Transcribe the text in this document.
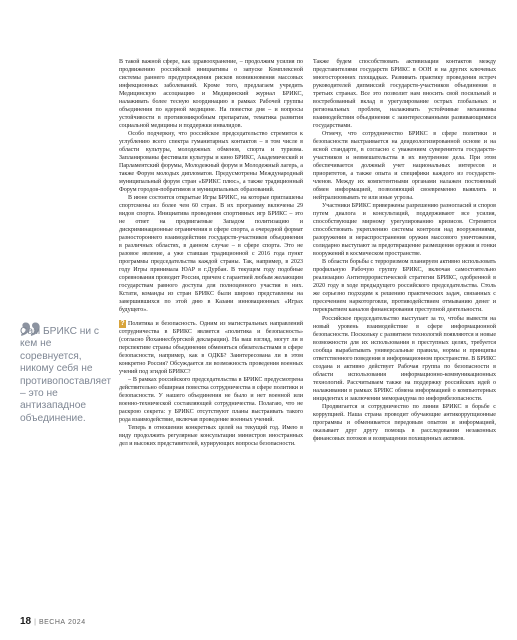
„
Сам БРИКС ни с кем не соревнуется, никому себя не противопоставляет – это не антизападное объединение.

В такой важной сфере, как здравоохранение, – продолжим усилия по продвижению российской инициативы о запуске Комплексной системы раннего предупреждения рисков возникновения массовых инфекционных заболеваний. Кроме того, предлагаем учредить Медицинскую ассоциацию и Медицинский журнал БРИКС, налаживать более тесную координацию в рамках Рабочей группы объединения по ядерной медицине. На повестке дня – и вопросы устойчивости в противомикробным препаратам, тематика развития социальной медицины и поддержки инвалидов.

Особо подчеркну, что российское председательство стремится к углублению всего спектра гуманитарных контактов – в том числе в области культуры, молодежных обменов, спорта и туризма. Запланированы фестивали культуры и кино БРИКС, Академический и Парламентский форумы, Молодежный форум и Молодежный лагерь, а также Форум молодых дипломатов. Предусмотрены Международный муниципальный форум стран «БРИКС плюс», а также традиционный Форум городов-побратимов и муниципальных образований.

В июне состоятся открытые Игры БРИКС, на которые приглашены спортсмены из более чем 60 стран. В их программу включены 29 видов спорта. Инициатива проведения спортивных игр БРИКС – это не ответ на продвигаемые Западом политизацию и дискриминационные ограничения в сфере спорта, а очередной формат разностороннего взаимодействия государств-участников объединения в различных областях, в данном случае – в сфере спорта. Это не разовое явление, а уже ставшая традиционной с 2016 года пункт программы председательства каждой страны. Так, например, в 2023 году Игры принимала ЮАР в г.Дурбан. В текущем году подобные соревнования проводит Россия, причем с гарантией любым желающим государствам равного доступа для полноценного участия в них. Кстати, команды из стран БРИКС были широко представлены на завершившихся по этой дню в Казани инновационных «Играх будущего».

? Политика и безопасность. Одним из магистральных направлений сотрудничества в БРИКС является «политика и безопасность» (согласно Йоханнесбургской декларации). На ваш взгляд, могут ли в перспективе страны объединения обменяться обязательствами в сфере безопасности, например, как в ОДКБ? Заинтересована ли в этом конкретно Россия? Обсуждается ли возможность проведения военных учений под эгидой БРИКС?

– В рамках российского председательства в БРИКС предусмотрена действительно обширная повестка сотрудничества в сфере политики и безопасности. У нашего объединения не было и нет военной или военно-технической составляющей сотрудничества. Полагаю, что не раскрою секрета: у БРИКС отсутствуют планы выстраивать такого рода взаимодействие, включая проведение военных учений.

Теперь в отношении конкретных целей на текущий год. Имею в виду продолжить регулярные консультации министров иностранных дел и высоких представителей, курирующих вопросы безопасности.

Также будем способствовать активизации контактов между представителями государств БРИКС в ООН и на других ключевых многосторонних площадках. Развивать практику проведения встреч руководителей дипмиссий государств-участников объединения в третьих странах. Все это позволит нам вносить свой посильный и востребованный вклад в урегулирование острых глобальных и региональных проблем, налаживать устойчивые механизмы взаимодействия объединения с заинтересованными развивающимися государствами.

Отмечу, что сотрудничество БРИКС в сфере политики и безопасности выстраивается на деидеологизированной основе и на ясной стандарте, в согласно с уважением суверенитета государств-участников и невмешательства в их внутренние дела. При этом обеспечивается должный учет национальных интересов и приоритетов, а также опыта и специфики каждого из государств-членов. Между их компетентными органами налажен постоянный обмен информацией, позволяющий своевременно выявлять и нейтрализовывать те или иные угрозы.

Участники БРИКС привержены разрешению разногласий и споров путем диалога и консультаций, поддерживают все усилия, способствующие мирному урегулированию кризисов. Стремятся способствовать укреплению системы контроля над вооружениями, разоружения и нераспространения оружия массового уничтожения, солидарно выступают за предотвращение размещения оружия и гонки вооружений в космическом пространстве.

В области борьбы с терроризмом планируем активно использовать профильную Рабочую группу БРИКС, включая самостоятельно реализацию Антитеррористической стратегии БРИКС, одобренной в 2020 году в ходе предыдущего российского председательства. Столь же серьезно подходим к решению практических задач, связанных с пресечением наркоторговли, противодействием отмыванию денег и перекрытием каналов финансирования преступной деятельности.

Российское председательство выступает за то, чтобы вывести на новый уровень взаимодействие в сфере информационной безопасности. Поскольку с развитием технологий появляются и новые возможности для их использования в преступных целях, требуется сообща вырабатывать универсальные правила, нормы и принципы ответственного поведения в информационном пространстве. В БРИКС создана и активно действует Рабочая группа по безопасности в области использования информационно-коммуникационных технологий. Рассчитываем также на поддержку российских идей о налаживании в рамках БРИКС обмена информацией о компьютерных инцидентах и заключении меморандума по информбезопасности.

Продвигается и сотрудничество по линии БРИКС в борьбе с коррупцией. Наша страна проводит обучающие антикоррупционные программы и обменивается передовым опытом и информацией, оказывает друг другу помощь в расследовании незаконных финансовых потоков и возвращении похищенных активов.

18 | ВЕСНА 2024
